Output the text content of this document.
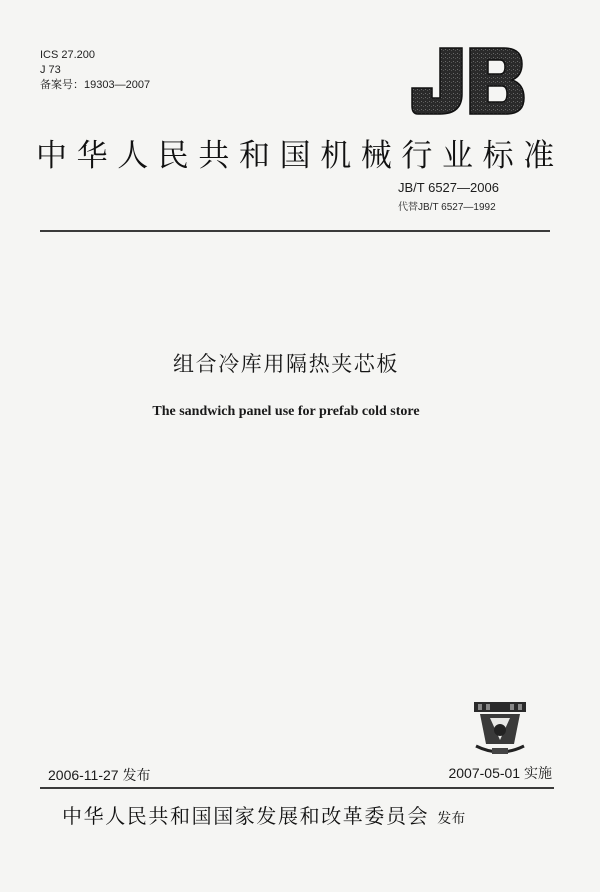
ICS 27.200
J 73
备案号：19303—2007
中华人民共和国机械行业标准
JB/T 6527—2006
代替JB/T 6527—1992
组合冷库用隔热夹芯板
The sandwich panel use for prefab cold store
2006-11-27 发布	2007-05-01 实施
中华人民共和国国家发展和改革委员会 发布
